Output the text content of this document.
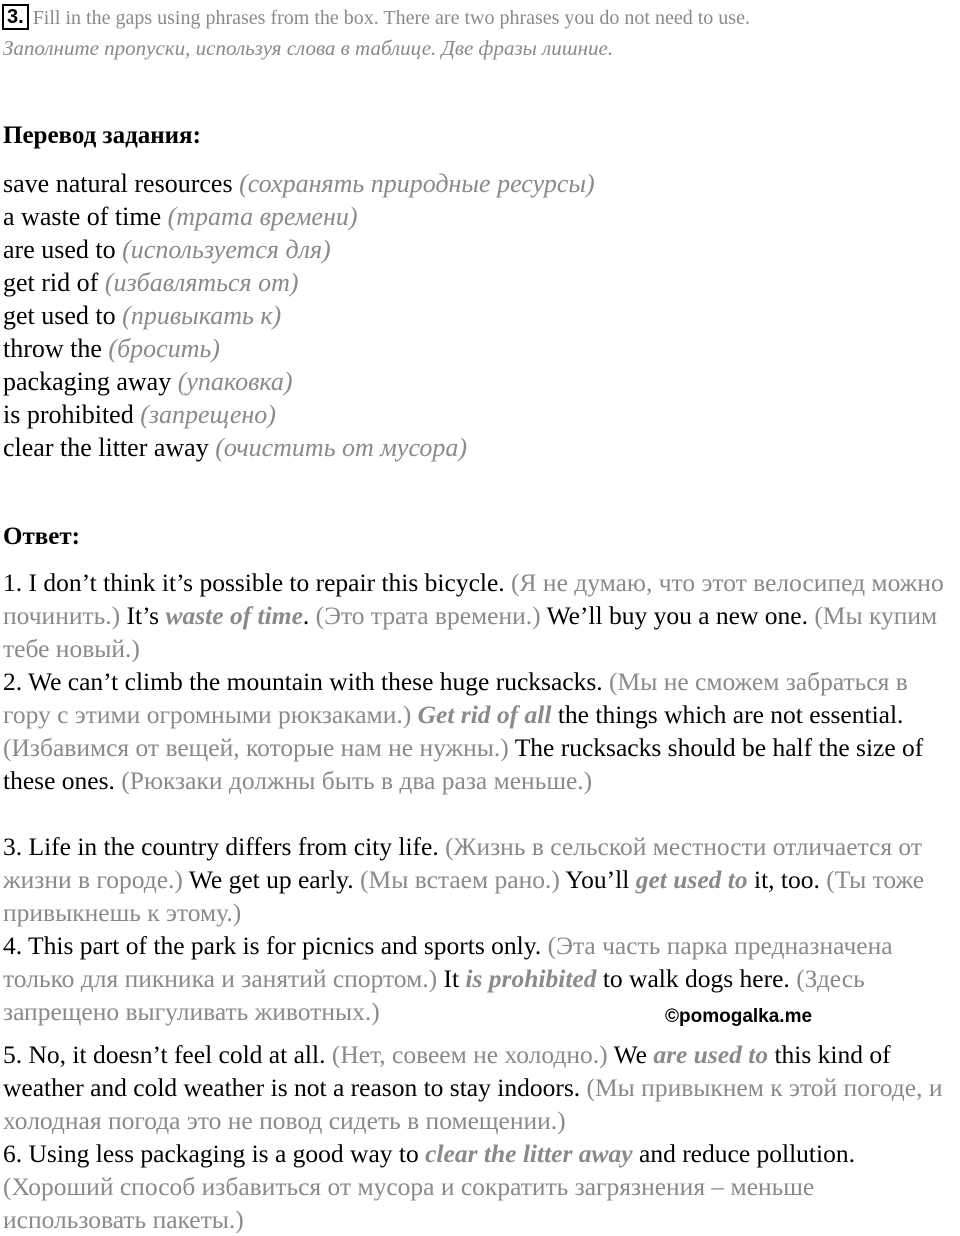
3. Fill in the gaps using phrases from the box. There are two phrases you do not need to use.
Заполните пропуски, используя слова в таблице. Две фразы лишние.
Перевод задания:
save natural resources (сохранять природные ресурсы)
a waste of time (трата времени)
are used to (используется для)
get rid of (избавляться от)
get used to (привыкать к)
throw the (бросить)
packaging away (упаковка)
is prohibited (запрещено)
clear the litter away (очистить от мусора)
Ответ:
1. I don’t think it’s possible to repair this bicycle. (Я не думаю, что этот велосипед можно починить.) It’s waste of time. (Это трата времени.) We’ll buy you a new one. (Мы купим тебе новый.)
2. We can’t climb the mountain with these huge rucksacks. (Мы не сможем забраться в гору с этими огромными рюкзаками.) Get rid of all the things which are not essential. (Избавимся от вещей, которые нам не нужны.) The rucksacks should be half the size of these ones. (Рюкзаки должны быть в два раза меньше.)
3. Life in the country differs from city life. (Жизнь в сельской местности отличается от жизни в городе.) We get up early. (Мы встаем рано.) You’ll get used to it, too. (Ты тоже привыкнешь к этому.)
4. This part of the park is for picnics and sports only. (Эта часть парка предназначена только для пикника и занятий спортом.) It is prohibited to walk dogs here. (Здесь запрещено выгуливать животных.)	©pomogalka.me
5. No, it doesn’t feel cold at all. (Нет, совеем не холодно.) We are used to this kind of weather and cold weather is not a reason to stay indoors. (Мы привыкнем к этой погоде, и холодная погода это не повод сидеть в помещении.)
6. Using less packaging is a good way to clear the litter away and reduce pollution. (Хороший способ избавиться от мусора и сократить загрязнения – меньше использовать пакеты.)
